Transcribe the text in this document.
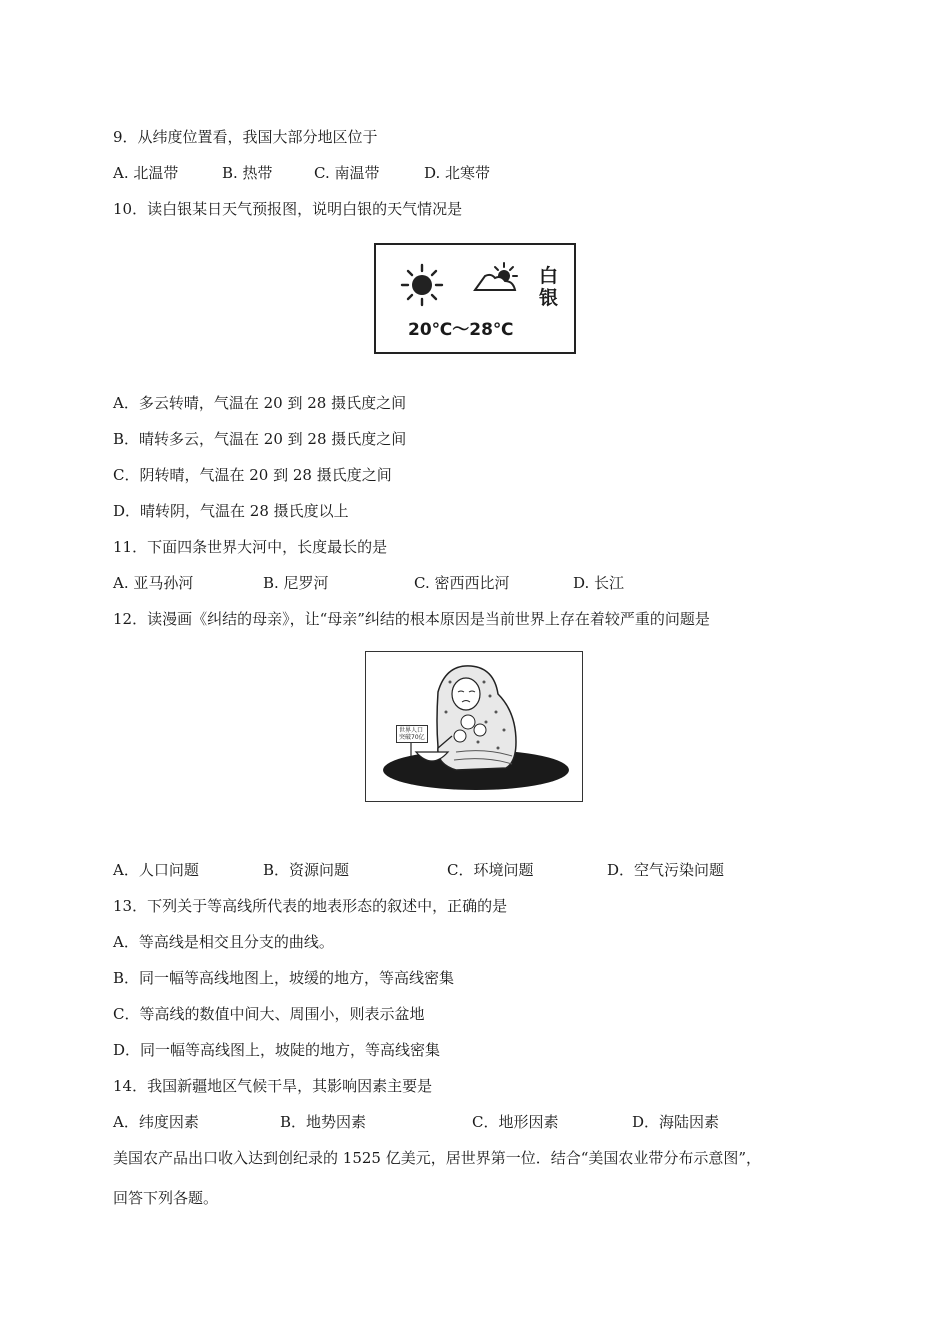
9．从纬度位置看，我国大部分地区位于
A. 北温带	B. 热带	C. 南温带	D. 北寒带
10．读白银某日天气预报图，说明白银的天气情况是
白银
20℃～28℃
A．多云转晴，气温在 20 到 28 摄氏度之间
B．晴转多云，气温在 20 到 28 摄氏度之间
C．阴转晴，气温在 20 到 28 摄氏度之间
D．晴转阴，气温在 28 摄氏度以上
11．下面四条世界大河中，长度最长的是
A. 亚马孙河	B. 尼罗河	C. 密西西比河	D. 长江
12．读漫画《纠结的母亲》，让“母亲”纠结的根本原因是当前世界上存在着较严重的问题是
世界人口
突破70亿
A．人口问题	B．资源问题	C．环境问题	D．空气污染问题
13．下列关于等高线所代表的地表形态的叙述中，正确的是
A．等高线是相交且分支的曲线。
B．同一幅等高线地图上，坡缓的地方，等高线密集
C．等高线的数值中间大、周围小，则表示盆地
D．同一幅等高线图上，坡陡的地方，等高线密集
14．我国新疆地区气候干旱，其影响因素主要是
A．纬度因素	B．地势因素	C．地形因素	D．海陆因素
美国农产品出口收入达到创纪录的 1525 亿美元，居世界第一位．结合“美国农业带分布示意图”，
回答下列各题。
